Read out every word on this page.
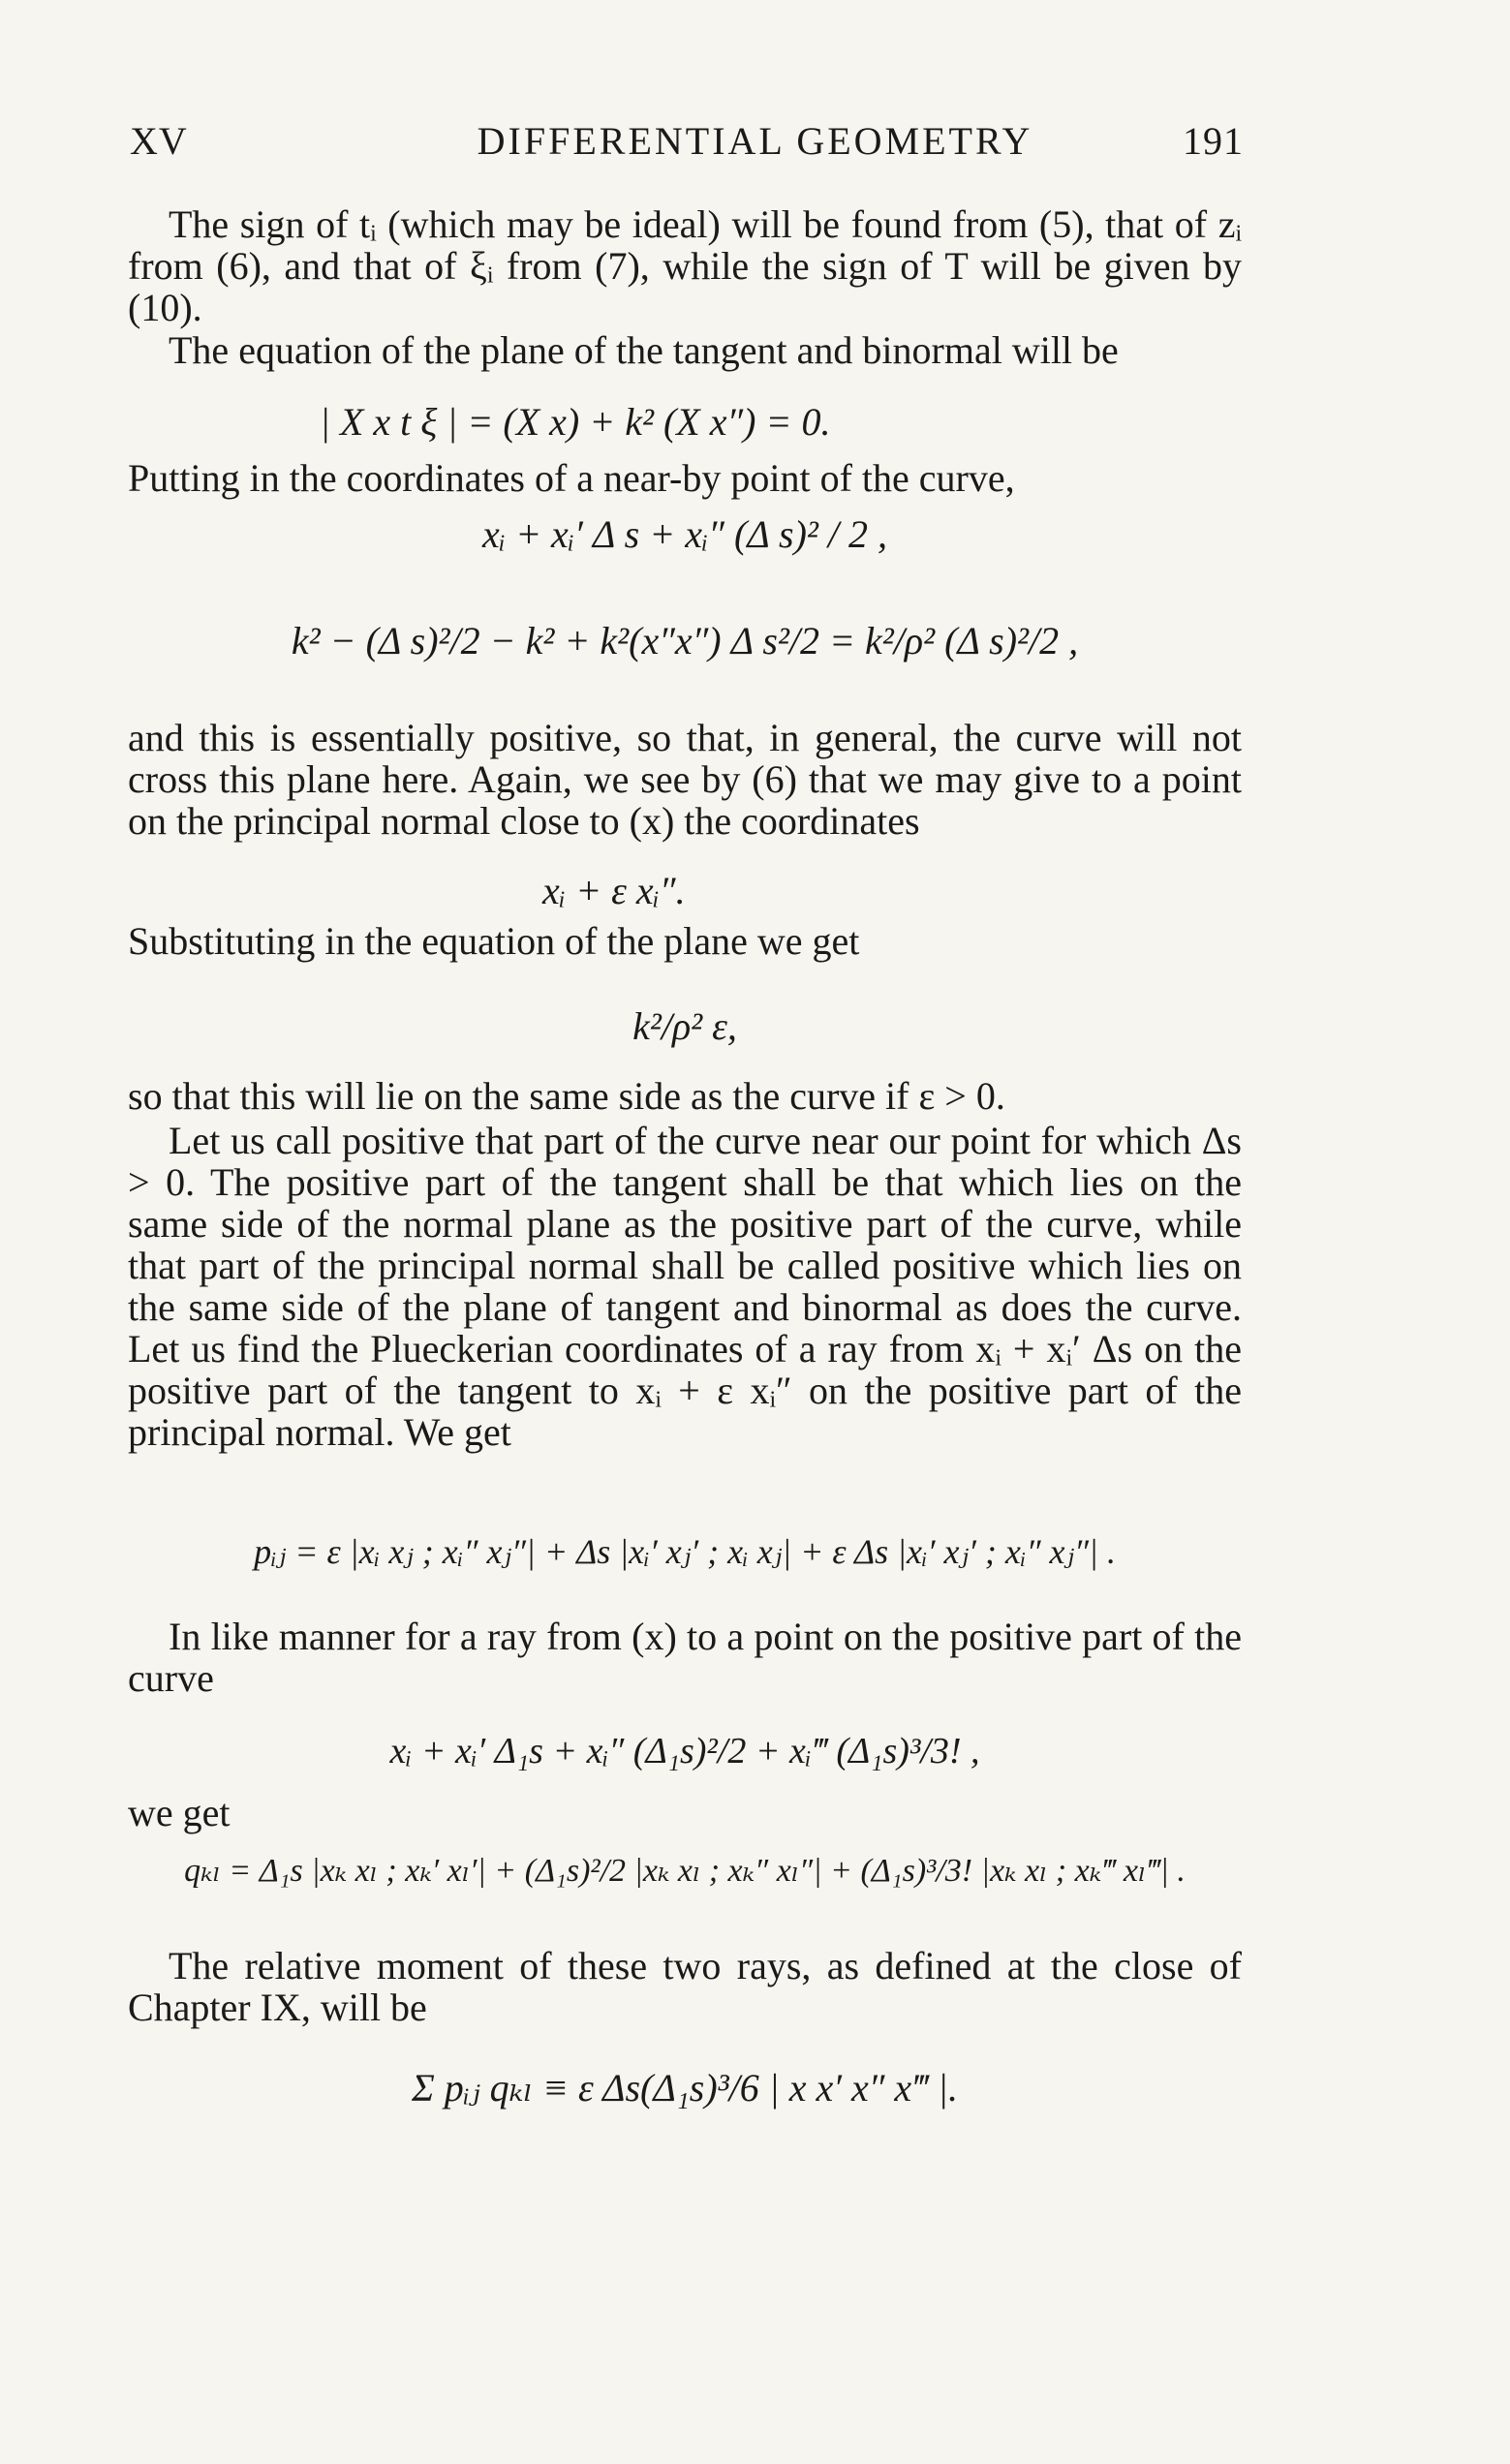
XV	DIFFERENTIAL GEOMETRY	191
The sign of tᵢ (which may be ideal) will be found from (5), that of zᵢ from (6), and that of ξᵢ from (7), while the sign of T will be given by (10).
The equation of the plane of the tangent and binormal will be
| X x t ξ | = (X x) + k² (X x″) = 0.
Putting in the coordinates of a near-by point of the curve,
xᵢ + xᵢ′ Δ s + xᵢ″ (Δ s)² / 2 ,
k² − (Δ s)²/2 − k² + k²(x″x″) Δ s²/2 = k²/ρ² (Δ s)²/2 ,
and this is essentially positive, so that, in general, the curve will not cross this plane here. Again, we see by (6) that we may give to a point on the principal normal close to (x) the coordinates
xᵢ + ε xᵢ″.
Substituting in the equation of the plane we get
k²/ρ² ε,
so that this will lie on the same side as the curve if ε > 0.
Let us call positive that part of the curve near our point for which Δs > 0. The positive part of the tangent shall be that which lies on the same side of the normal plane as the positive part of the curve, while that part of the principal normal shall be called positive which lies on the same side of the plane of tangent and binormal as does the curve. Let us find the Plueckerian coordinates of a ray from xᵢ + xᵢ′ Δs on the positive part of the tangent to xᵢ + ε xᵢ″ on the positive part of the principal normal. We get
pᵢⱼ = ε |xᵢ xⱼ ; xᵢ″ xⱼ″| + Δs |xᵢ′ xⱼ′ ; xᵢ xⱼ| + ε Δs |xᵢ′ xⱼ′ ; xᵢ″ xⱼ″| .
In like manner for a ray from (x) to a point on the positive part of the curve
xᵢ + xᵢ′ Δ₁s + xᵢ″ (Δ₁s)²/2 + xᵢ‴ (Δ₁s)³/3! ,
we get
qₖₗ = Δ₁s |xₖ xₗ ; xₖ′ xₗ′| + (Δ₁s)²/2 |xₖ xₗ ; xₖ″ xₗ″| + (Δ₁s)³/3! |xₖ xₗ ; xₖ‴ xₗ‴| .
The relative moment of these two rays, as defined at the close of Chapter IX, will be
Σ pᵢⱼ qₖₗ ≡ ε Δs(Δ₁s)³/6 | x x′ x″ x‴ |.
